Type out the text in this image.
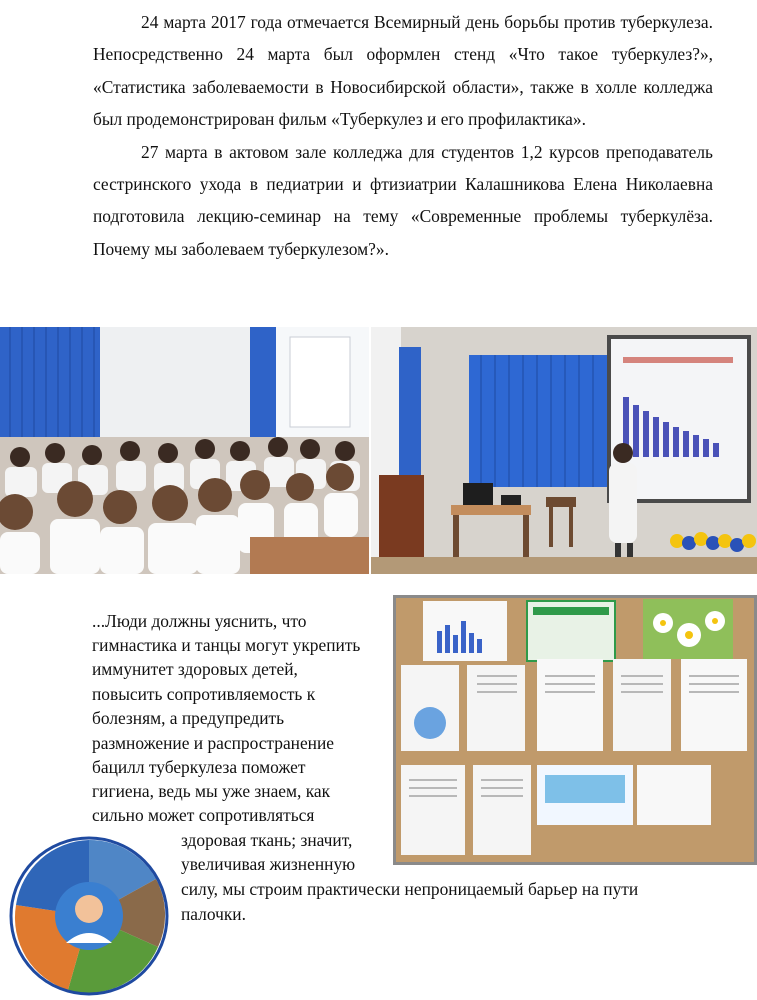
24 марта 2017 года отмечается Всемирный день борьбы против туберкулеза. Непосредственно 24 марта был оформлен стенд «Что такое туберкулез?», «Статистика заболеваемости в Новосибирской области», также в холле колледжа был продемонстрирован фильм «Туберкулез и его профилактика».

27 марта в актовом зале колледжа для студентов 1,2 курсов преподаватель сестринского ухода в педиатрии и фтизиатрии Калашникова Елена Николаевна подготовила лекцию-семинар на тему «Современные проблемы туберкулёза. Почему мы заболеваем туберкулезом?».

...Люди должны уяснить, что
гимнастика и танцы могут укрепить
иммунитет здоровых детей,
повысить сопротивляемость к
болезням, а предупредить
размножение и распространение
бацилл туберкулеза поможет
гигиена, ведь мы уже знаем, как
сильно может сопротивляться
здоровая ткань; значит,
увеличивая жизненную
силу, мы строим практически непроницаемый барьер на пути
палочки.
